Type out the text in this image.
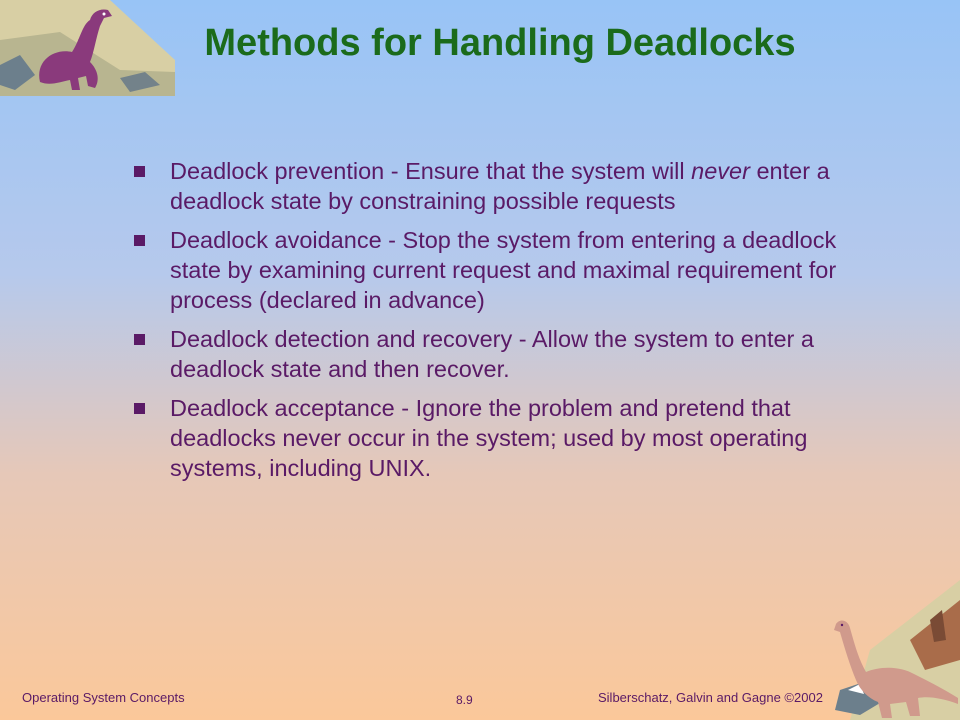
Methods for Handling Deadlocks
Deadlock prevention - Ensure that the system will never enter a deadlock state by constraining possible requests
Deadlock avoidance - Stop the system from entering a deadlock state by examining current request and maximal requirement for process (declared in advance)
Deadlock detection and recovery - Allow the system to enter a deadlock state and then recover.
Deadlock acceptance - Ignore the problem and pretend that deadlocks never occur in the system; used by most operating systems, including UNIX.
Operating System Concepts	8.9	Silberschatz, Galvin and Gagne ©2002
